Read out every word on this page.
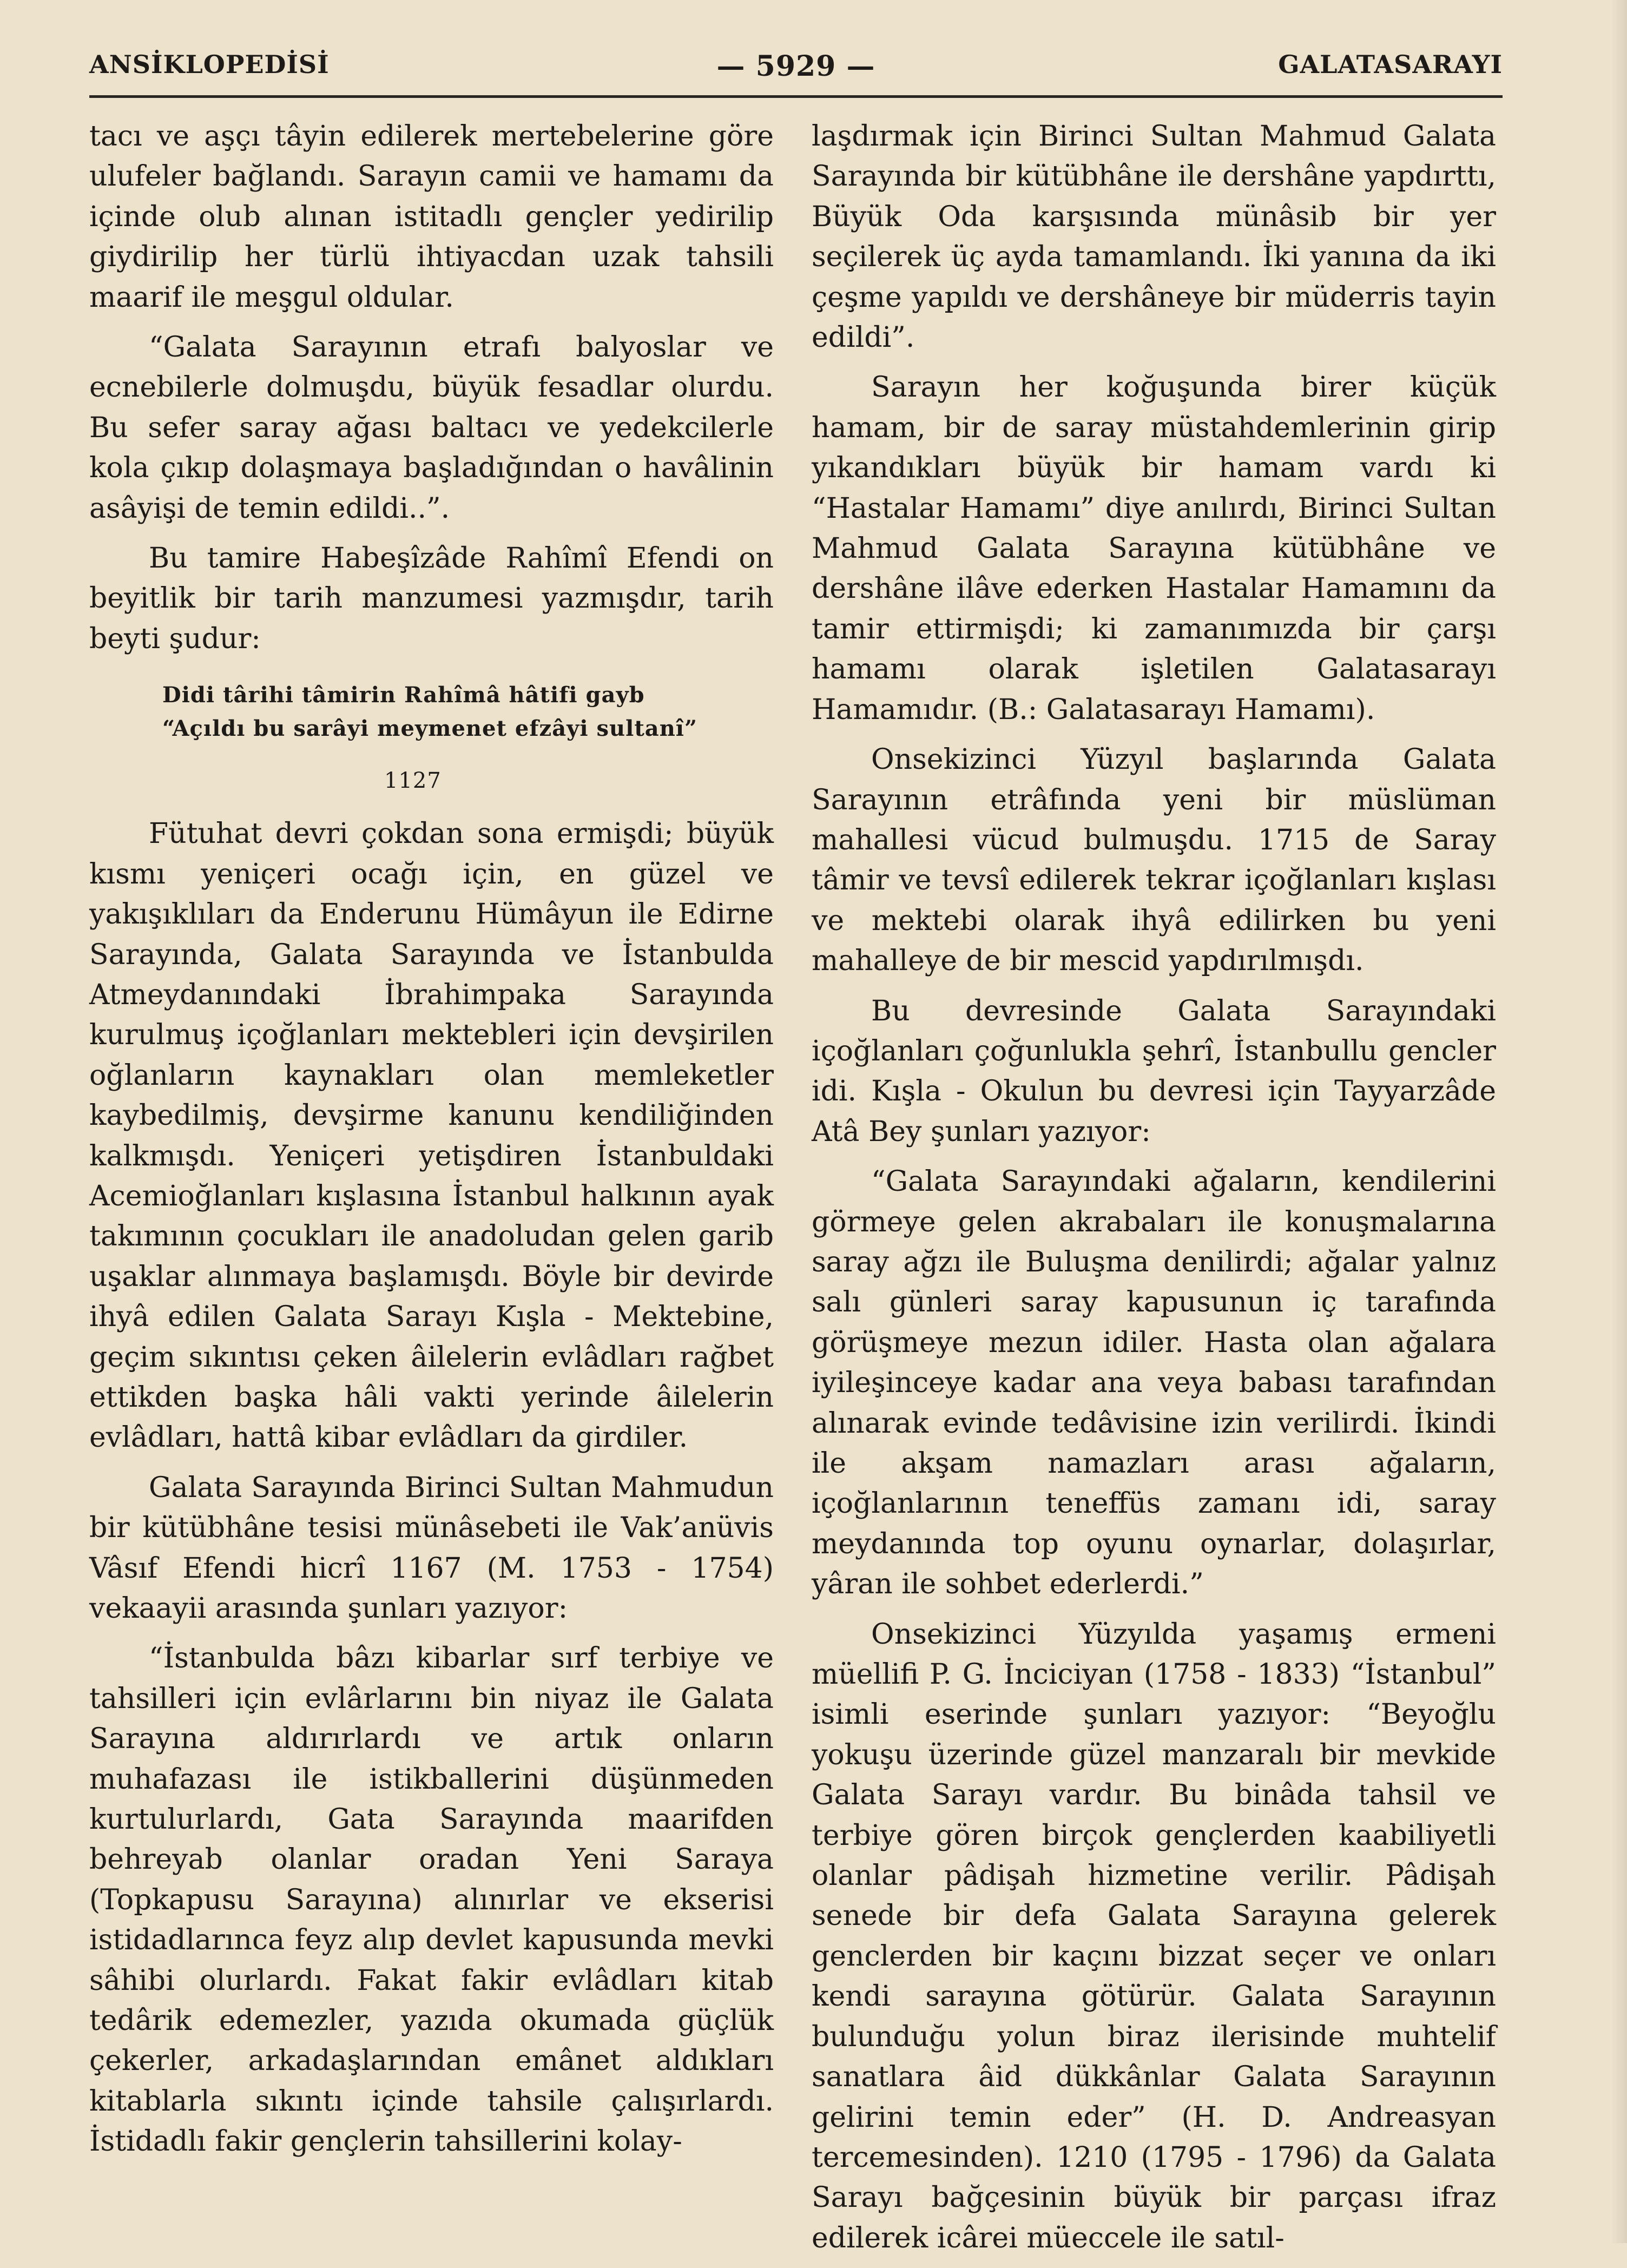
ANSİKLOPEDİSİ	— 5929 —	GALATASARAYI

tacı ve aşçı tâyin edilerek mertebelerine göre ulufeler bağlandı. Sarayın camii ve hamamı da içinde olub alınan istitadlı gençler yedirilip giydirilip her türlü ihtiyacdan uzak tahsili maarif ile meşgul oldular.

“Galata Sarayının etrafı balyoslar ve ecnebilerle dolmuşdu, büyük fesadlar olurdu. Bu sefer saray ağası baltacı ve yedekcilerle kola çıkıp dolaşmaya başladığından o havâlinin asâyişi de temin edildi..”.

Bu tamire Habeşîzâde Rahîmî Efendi on beyitlik bir tarih manzumesi yazmışdır, tarih beyti şudur:

Didi târihi tâmirin Rahîmâ hâtifi gayb
“Açıldı bu sarâyi meymenet efzâyi sultanî”
1127

Fütuhat devri çokdan sona ermişdi; büyük kısmı yeniçeri ocağı için, en güzel ve yakışıklıları da Enderunu Hümâyun ile Edirne Sarayında, Galata Sarayında ve İstanbulda Atmeydanındaki İbrahimpaka Sarayında kurulmuş içoğlanları mektebleri için devşirilen oğlanların kaynakları olan memleketler kaybedilmiş, devşirme kanunu kendiliğinden kalkmışdı. Yeniçeri yetişdiren İstanbuldaki Acemioğlanları kışlasına İstanbul halkının ayak takımının çocukları ile anadoludan gelen garib uşaklar alınmaya başlamışdı. Böyle bir devirde ihyâ edilen Galata Sarayı Kışla - Mektebine, geçim sıkıntısı çeken âilelerin evlâdları rağbet ettikden başka hâli vakti yerinde âilelerin evlâdları, hattâ kibar evlâdları da girdiler.

Galata Sarayında Birinci Sultan Mahmudun bir kütübhâne tesisi münâsebeti ile Vak’anüvis Vâsıf Efendi hicrî 1167 (M. 1753 - 1754) vekaayii arasında şunları yazıyor:

“İstanbulda bâzı kibarlar sırf terbiye ve tahsilleri için evlârlarını bin niyaz ile Galata Sarayına aldırırlardı ve artık onların muhafazası ile istikballerini düşünmeden kurtulurlardı, Gata Sarayında maarifden behreyab olanlar oradan Yeni Saraya (Topkapusu Sarayına) alınırlar ve ekserisi istidadlarınca feyz alıp devlet kapusunda mevki sâhibi olurlardı. Fakat fakir evlâdları kitab tedârik edemezler, yazıda okumada güçlük çekerler, arkadaşlarından emânet aldıkları kitablarla sıkıntı içinde tahsile çalışırlardı. İstidadlı fakir gençlerin tahsillerini kolay-

laşdırmak için Birinci Sultan Mahmud Galata Sarayında bir kütübhâne ile dershâne yapdırttı, Büyük Oda karşısında münâsib bir yer seçilerek üç ayda tamamlandı. İki yanına da iki çeşme yapıldı ve dershâneye bir müderris tayin edildi”.

Sarayın her koğuşunda birer küçük hamam, bir de saray müstahdemlerinin girip yıkandıkları büyük bir hamam vardı ki “Hastalar Hamamı” diye anılırdı, Birinci Sultan Mahmud Galata Sarayına kütübhâne ve dershâne ilâve ederken Hastalar Hamamını da tamir ettirmişdi; ki zamanımızda bir çarşı hamamı olarak işletilen Galatasarayı Hamamıdır. (B.: Galatasarayı Hamamı).

Onsekizinci Yüzyıl başlarında Galata Sarayının etrâfında yeni bir müslüman mahallesi vücud bulmuşdu. 1715 de Saray tâmir ve tevsî edilerek tekrar içoğlanları kışlası ve mektebi olarak ihyâ edilirken bu yeni mahalleye de bir mescid yapdırılmışdı.

Bu devresinde Galata Sarayındaki içoğlanları çoğunlukla şehrî, İstanbullu gencler idi. Kışla - Okulun bu devresi için Tayyarzâde Atâ Bey şunları yazıyor:

“Galata Sarayındaki ağaların, kendilerini görmeye gelen akrabaları ile konuşmalarına saray ağzı ile Buluşma denilirdi; ağalar yalnız salı günleri saray kapusunun iç tarafında görüşmeye mezun idiler. Hasta olan ağalara iyileşinceye kadar ana veya babası tarafından alınarak evinde tedâvisine izin verilirdi. İkindi ile akşam namazları arası ağaların, içoğlanlarının teneffüs zamanı idi, saray meydanında top oyunu oynarlar, dolaşırlar, yâran ile sohbet ederlerdi.”

Onsekizinci Yüzyılda yaşamış ermeni müellifi P. G. İnciciyan (1758 - 1833) “İstanbul” isimli eserinde şunları yazıyor: “Beyoğlu yokuşu üzerinde güzel manzaralı bir mevkide Galata Sarayı vardır. Bu binâda tahsil ve terbiye gören birçok gençlerden kaabiliyetli olanlar pâdişah hizmetine verilir. Pâdişah senede bir defa Galata Sarayına gelerek genclerden bir kaçını bizzat seçer ve onları kendi sarayına götürür. Galata Sarayının bulunduğu yolun biraz ilerisinde muhtelif sanatlara âid dükkânlar Galata Sarayının gelirini temin eder” (H. D. Andreasyan tercemesinden). 1210 (1795 - 1796) da Galata Sarayı bağçesinin büyük bir parçası ifraz edilerek icârei müeccele ile satıl-
